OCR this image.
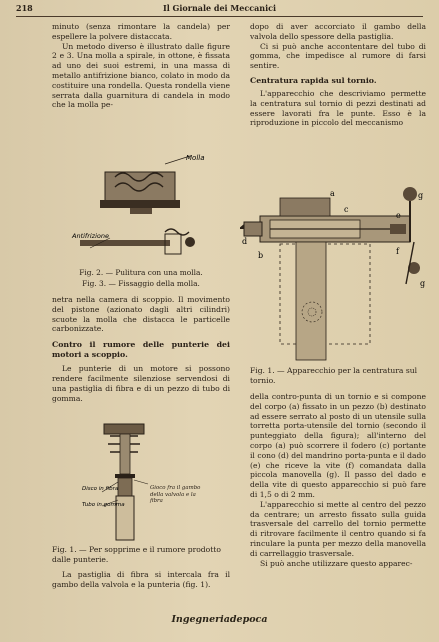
218	Il Giornale dei Meccanici

minuto (senza rimontare la candela) per espellere la polvere distaccata.

Un metodo diverso è illustrato dalle figure 2 e 3. Una molla a spirale, in ottone, è fissata ad uno dei suoi estremi, in una massa di metallo antifrizione bianco, colato in modo da costituire una rondella. Questa rondella viene serrata dalla guarnitura di candela in modo che la molla pe-

Molla
Antifrizione
Fig. 2. — Pulitura con una molla.
Fig. 3. — Fissaggio della molla.

netra nella camera di scoppio. Il movimento del pistone (azionato dagli altri cilindri) scuote la molla che distacca le particelle carbonizzate.

Contro il rumore delle punterie dei motori a scoppio.

Le punterie di un motore si possono rendere facilmente silenziose servendosi di una pastiglia di fibra e di un pezzo di tubo di gomma.

Disco in fibra
Tubo in gomma
Gioco fra il gambo della valvola e la fibra
Fig. 1. — Per sopprime e il rumore prodotto dalle punterie.

La pastiglia di fibra si intercala fra il gambo della valvola e la punteria (fig. 1).

dopo di aver accorciato il gambo della valvola dello spessore della pastiglia.

Ci si può anche accontentare del tubo di gomma, che impedisce al rumore di farsi sentire.

Centratura rapida sul tornio.

L'apparecchio che descriviamo permette la centratura sul tornio di pezzi destinati ad essere lavorati fra le punte. Esso è la riproduzione in piccolo del meccanismo

d
b
a
c
e
g
f
g
Fig. 1. — Apparecchio per la centratura sul tornio.

della contro-punta di un tornio e si compone del corpo (a) fissato in un pezzo (b) destinato ad essere serrato al posto di un utensile sulla torretta porta-utensile del tornio (secondo il punteggiato della figura); all'interno del corpo (a) può scorrere il fodero (c) portante il cono (d) del mandrino porta-punta e il dado (e) che riceve la vite (f) comandata dalla piccola manovella (g). Il passo del dado e della vite di questo apparecchio si può fare di 1,5 o di 2 mm.

L'apparecchio si mette al centro del pezzo da centrare; un arresto fissato sulla guida trasversale del carrello del tornio permette di ritrovare facilmente il centro quando si fa rinculare la punta per mezzo della manovella di carrellaggio trasversale.

Si può anche utilizzare questo apparec-

Ingegneriadepoca
